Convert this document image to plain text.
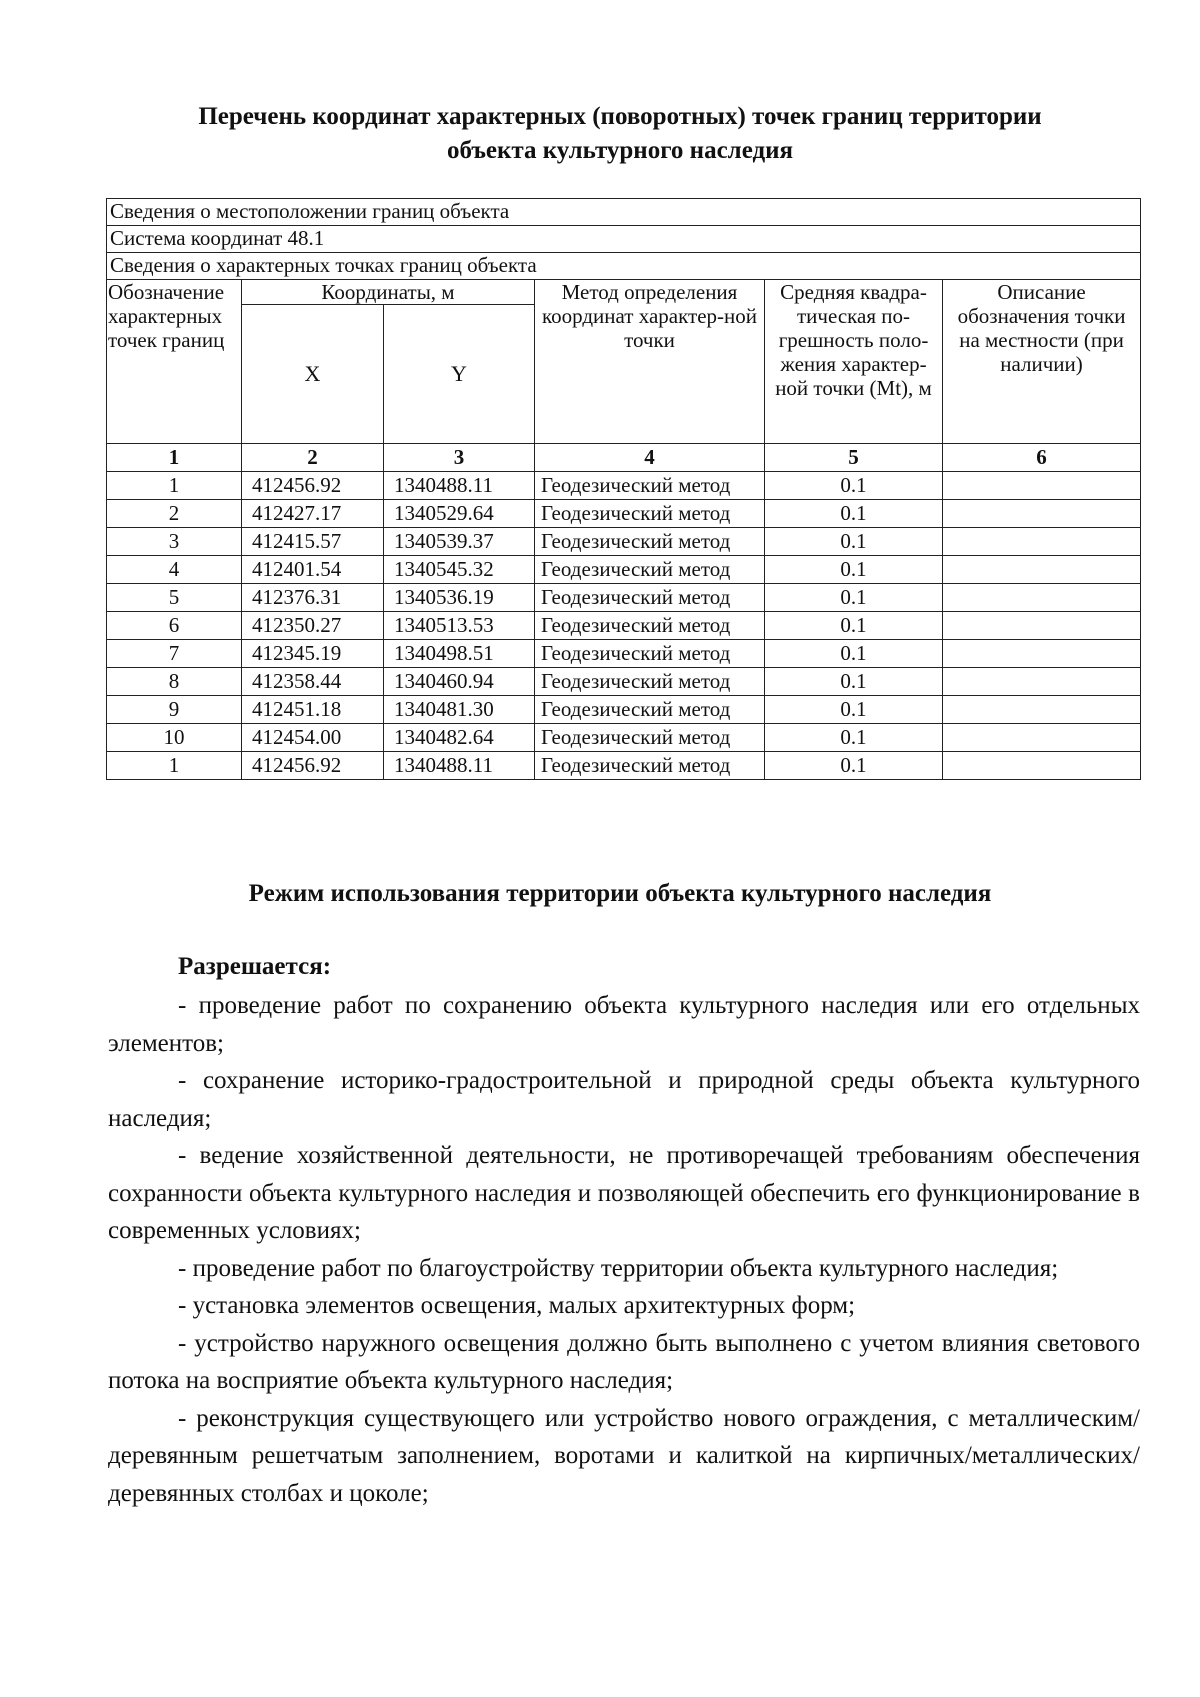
Перечень координат характерных (поворотных) точек границ территории
объекта культурного наследия
Сведения о местоположении границ объекта					
Система координат 48.1					
Сведения о характерных точках границ объекта					
Обозначение характерных точек границ	Координаты, м		Метод определения координат характер-ной точки	Средняя квадра-тическая по-грешность поло-жения характер-ной точки (Mt), м	Описание обозначения точки на местности (при наличии)
	X	Y			
1	2	3	4	5	6
1	412456.92	1340488.11	Геодезический метод	0.1	
2	412427.17	1340529.64	Геодезический метод	0.1	
3	412415.57	1340539.37	Геодезический метод	0.1	
4	412401.54	1340545.32	Геодезический метод	0.1	
5	412376.31	1340536.19	Геодезический метод	0.1	
6	412350.27	1340513.53	Геодезический метод	0.1	
7	412345.19	1340498.51	Геодезический метод	0.1	
8	412358.44	1340460.94	Геодезический метод	0.1	
9	412451.18	1340481.30	Геодезический метод	0.1	
10	412454.00	1340482.64	Геодезический метод	0.1	
1	412456.92	1340488.11	Геодезический метод	0.1	
Режим использования территории объекта культурного наследия
Разрешается:

- проведение работ по сохранению объекта культурного наследия или его отдельных элементов;

- сохранение историко-градостроительной и природной среды объекта культурного наследия;

- ведение хозяйственной деятельности, не противоречащей требованиям обеспечения сохранности объекта культурного наследия и позволяющей обеспечить его функционирование в современных условиях;

- проведение работ по благоустройству территории объекта культурного наследия;

- установка элементов освещения, малых архитектурных форм;

- устройство наружного освещения должно быть выполнено с учетом влияния светового потока на восприятие объекта культурного наследия;

- реконструкция существующего или устройство нового ограждения, с металлическим/деревянным решетчатым заполнением, воротами и калиткой на кирпичных/металлических/деревянных столбах и цоколе;
